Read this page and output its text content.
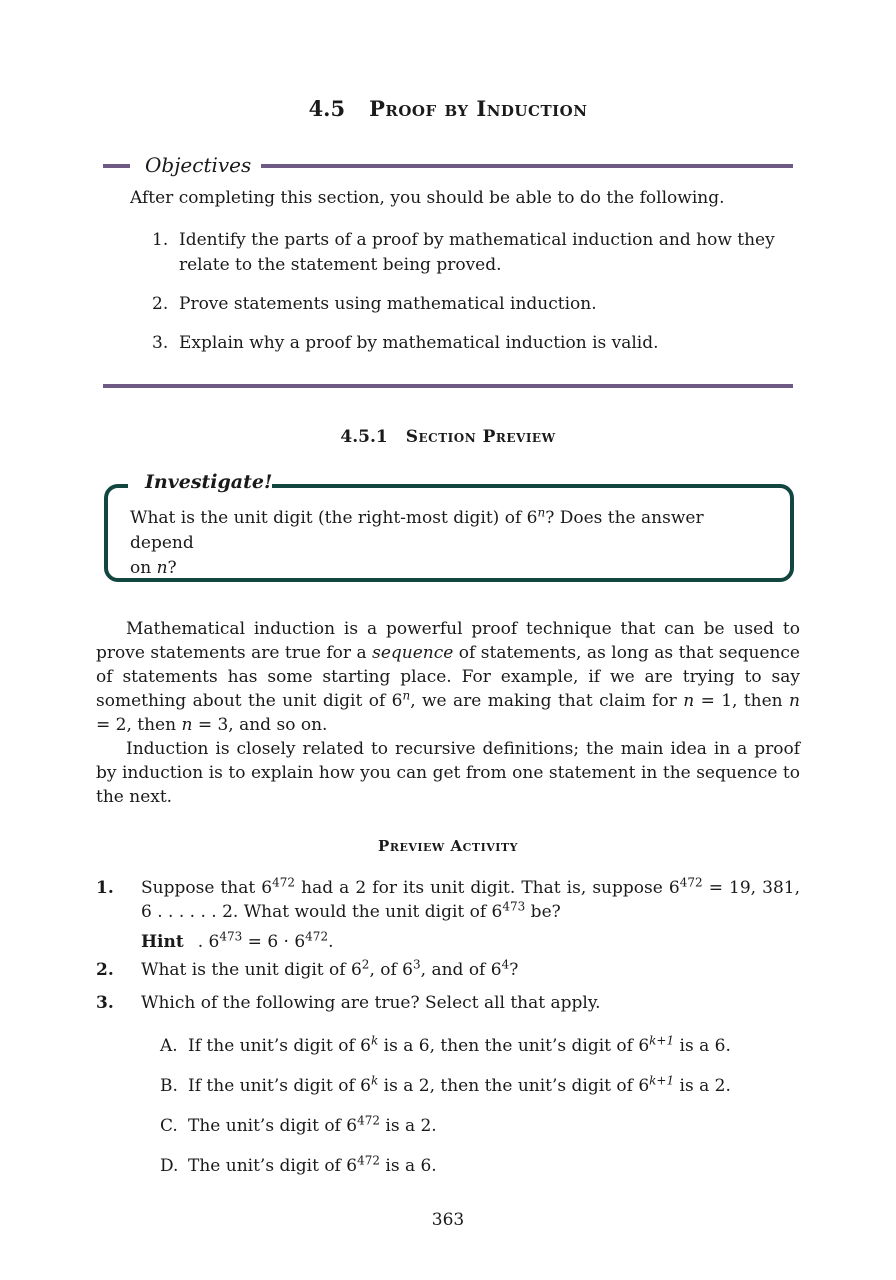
4.5 Proof by Induction
Objectives
After completing this section, you should be able to do the following.
1. Identify the parts of a proof by mathematical induction and how they
relate to the statement being proved.
2. Prove statements using mathematical induction.
3. Explain why a proof by mathematical induction is valid.
4.5.1 Section Preview
Investigate!
What is the unit digit (the right-most digit) of 6$^n$? Does the answer depend
on n?
Mathematical induction is a powerful proof technique that can be used to prove statements are true for a sequence of statements, as long as that sequence of statements has some starting place. For example, if we are trying to say something about the unit digit of 6$^n$, we are making that claim for n = 1, then n = 2, then n = 3, and so on.
Induction is closely related to recursive definitions; the main idea in a proof by induction is to explain how you can get from one statement in the sequence to the next.
Preview Activity
1.	Suppose that $6^{472}$ had a 2 for its unit digit. That is, suppose $6^{472} = 19$, 381, 6 . . . . . . 2. What would the unit digit of $6^{473}$ be?
Hint . $6^{473} = 6 \cdot 6^{472}$.
2.	What is the unit digit of $6^2$, of $6^3$, and of $6^4$?
3.	Which of the following are true? Select all that apply.
A. If the unit’s digit of 6$^k$ is a 6, then the unit’s digit of $6^{k+1}$ is a 6.
B. If the unit’s digit of 6$^k$ is a 2, then the unit’s digit of $6^{k+1}$ is a 2.
C. The unit’s digit of $6^{472}$ is a 2.
D. The unit’s digit of $6^{472}$ is a 6.
363
